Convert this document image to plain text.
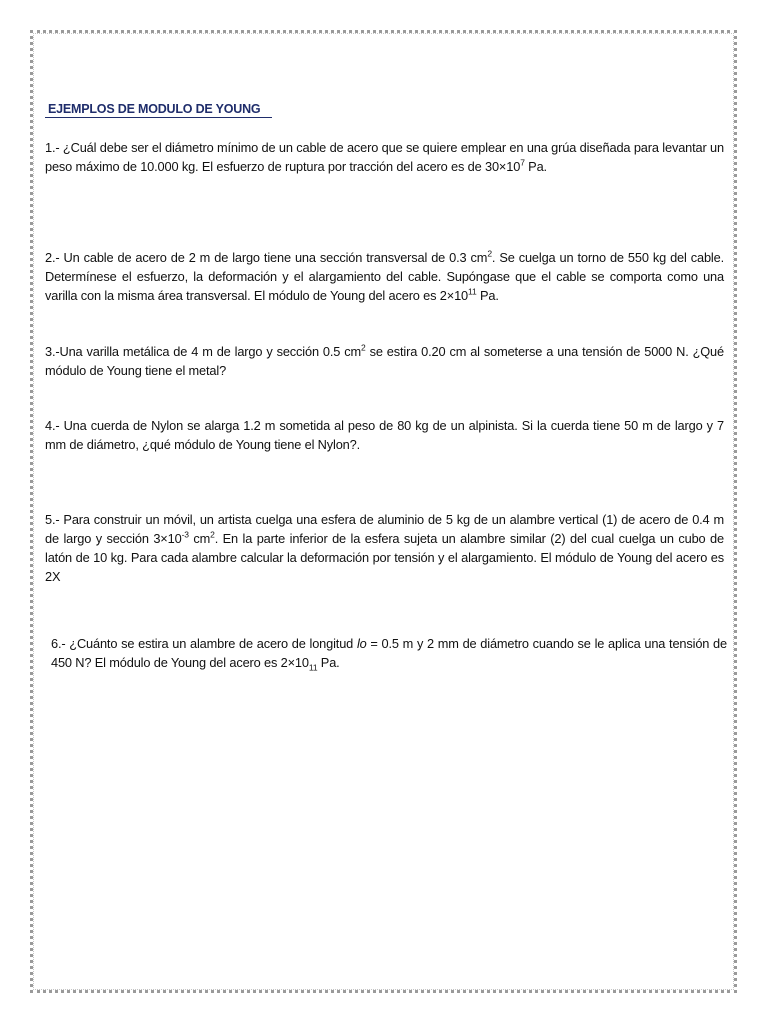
EJEMPLOS DE MODULO DE YOUNG

1.- ¿Cuál debe ser el diámetro mínimo de un cable de acero que se quiere emplear en una grúa diseñada para levantar un peso máximo de 10.000 kg. El esfuerzo de ruptura por tracción del acero es de $30\times 10^7$ Pa.

2.- Un cable de acero de 2 m de largo tiene una sección transversal de 0.3 $cm^2$. Se cuelga un torno de 550 kg del cable. Determínese el esfuerzo, la deformación y el alargamiento del cable. Supóngase que el cable se comporta como una varilla con la misma área transversal. El módulo de Young del acero es $2\times 10^{11}$ Pa.

3.-Una varilla metálica de 4 m de largo y sección 0.5 $cm^2$ se estira 0.20 cm al someterse a una tensión de 5000 N. ¿Qué módulo de Young tiene el metal?

4.- Una cuerda de Nylon se alarga 1.2 m sometida al peso de 80 kg de un alpinista. Si la cuerda tiene 50 m de largo y 7 mm de diámetro, ¿qué módulo de Young tiene el Nylon?.

5.- Para construir un móvil, un artista cuelga una esfera de aluminio de 5 kg de un alambre vertical (1) de acero de 0.4 m de largo y sección $3\times 10^{-3}$ $cm^2$. En la parte inferior de la esfera sujeta un alambre similar (2) del cual cuelga un cubo de latón de 10 kg. Para cada alambre calcular la deformación por tensión y el alargamiento. El módulo de Young del acero es 2X

6.- ¿Cuánto se estira un alambre de acero de longitud lo = 0.5 m y 2 mm de diámetro cuando se le aplica una tensión de 450 N? El módulo de Young del acero es $2\times 10_{11}$ Pa.
